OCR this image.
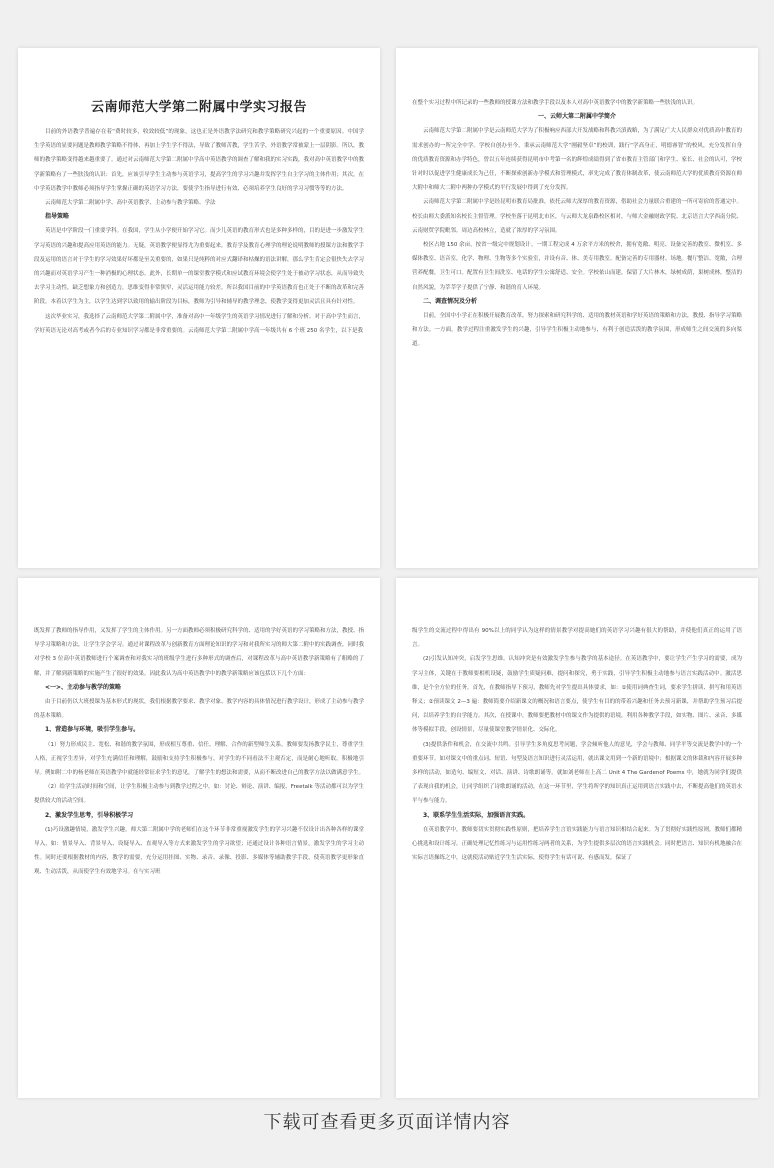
云南师范大学第二附属中学实习报告

目前的外语教学普遍存在着“费时较多，收效较低”的现象，这也正是外语教学法研究和教学策略研究兴起的一个重要原因。中国学生学英语的显要问题是教师教学策略不得体，再加上学生学不得法，导致了教师苦教，学生苦学，外语教学常被蒙上一层阴影。所以，教师的教学策略变得越来越重要了。通过对云南师范大学第二附属中学高中英语教学的调查了解和我的实习实践，我对高中英语教学中的教学新策略有了一些肤浅的认识：首先，应该引导学生主动参与英语学习，提高学生的学习兴趣并发挥学生自主学习的主体作用；其次，在中学英语教学中教师必须指导学生掌握正确的英语学习方法，要使学生指导进行有效、必须培养学生良好的学习习惯等等的方法。

云南师范大学第二附属中学、高中英语教学、主动参与教学策略、学法

指导策略

英语是中学阶段一门重要学科。在我国，学生从小学便开始学习它。而少儿英语的教育形式也是多种多样的，目的是进一步激发学生学习英语的兴趣和提高应用英语的能力。无疑，英语教学便显得尤为重要起来，教育学及教育心理学的理论说明教师的授课方法和教学手段及运用的语言对于学生的学习效果好坏都是至关重要的，如果只是纯粹的对应式翻译和枯燥的语法讲解，那么学生肯定会很快失去学习的兴趣而对英语学习产生一种消极的心理状态。此外，长期单一的课堂教学模式和应试教育环境会使学生处于被动学习状态，从而导致失去学习主动性，缺乏想象力和创造力，思维变得非常狭窄，灵活运用能力较差。所以我国目前的中学英语教育也正处于不断的改革和完善阶段。本着以学生为主，以学生达到学以致用的输出阶段为目标，教师为引导和辅导的教学理念，使教学变得更加灵活且具有针对性。

这次毕业实习，我选择了云南师范大学第二附属中学，准备对高中一年级学生的英语学习情况进行了解和分析。对于高中学生而言，学好英语无论对高考或者今后的专业知识学习都是非常重要的。云南师范大学第二附属中学高一年级共有 6 个班 250 名学生，以下是我

在整个实习过程中所记录的一些教师的授课方法和教学手段以及本人对高中英语教学中的教学新策略一些肤浅的认识。

一、云师大第二附属中学简介

云南师范大学第二附属中学是云南师范大学为了积极响应西部大开发战略和科教兴滇战略，为了满足广大人民群众对优质高中教育的需求创办的一所完全中学。学校自创办至今，秉承云南师范大学“刚毅坚卓”的校训，践行“学高身正，明德睿智”的校风，充分发挥自身的优质教育资源和办学特色，曾以五年连续获得昆明市中考第一名的辉煌成绩得到了省市教育主管部门和学生、家长、社会的认可，学校针对时以促进学生健康成长为己任，不断探索创新办学模式和管理模式，率先完成了教育体制改革，使云南师范大学的优质教育资源在师大附中和师大二附中两种办学模式的平行发展中得到了充分发挥。

云南师范大学第二附属中学是经昆明市教育局批准，依托云师大深厚的教育资源，借助社会力量联合重建的一所可寄宿的普通完中。校长由师大委派知名校长主督管理。学校坐落于昆明北市区，与云师大龙泉路校区相对，与师大金融财政学院、北京语言大学西南分院、云南财贸学院毗邻。周边高校林立，造就了浓厚的学习氛围。

校区占地 150 余亩，按省一级完中规划设计。一期工程完成 4 万余平方米的校舍，拥有宽敞、明亮、设备完善的教室、微机室、多媒体教室、语音室，化学、物理、生物等多个实验室，并设有音、体、美专用教室。配备完善的专用器材、场地。餐厅整洁、宽敞，合理营养配餐，卫生可口。配置有卫生间洗室、电话的学生公寓舒适、安全。学校依山而建，保留了大片林木，绿树成荫，果树成林，整洁的自然风貌，为莘莘学子提供了宁静、和谐的育人环境。

二、调查情况及分析

目前，全国中小学正在积极开展教育改革，努力探索和研究科学的、适用的教材英语和学好英语的策略和方法，教授、指导学习策略和方法。一方面，教学过程注重激发学生的兴趣，引导学生积极主动地参与，有利于创造活泼的教学氛围，形成师生之间交流的多向渠道。

既发挥了教师的指导作用，又发挥了学生的主体作用。另一方面教师必须积极研究科学的、适用的学好英语的学习策略和方法，教授、指导学习策略和方法，让学生学会学习。通过对课程改革与创新教育方面理论知识的学习和对我所实习的师大第二附中的实践调查，同时我对学校 3 位高中英语教师进行个案调查和对我实习的班级学生进行多种形式的调查后，对课程改革与高中英语教学新策略有了粗略的了解，并了解到新策略的实施产生了很好的效果。因此我认为高中英语教学中的教学新策略应该包括以下几个方面：

<一>、主动参与教学的策略

由于目前仍以大班授课为基本形式的现状，我们根据教学要求、教学对象、教学内容的具体情况进行教学设计，形成了主动参与教学的基本策略。

1、营造参与环境，吸引学生参与。

（1）努力形成民主、宽松、和谐的教学氛围，形成相互尊重、信任、理解、合作的新型师生关系。教师要发扬教学民主，尊重学生人格，正视学生差异，对学生充满信任和理解，鼓励和支持学生积极参与，对学生的不同看法不主观否定，而是耐心地听取，积极地引导。例如附二中的杨老师在英语教学中就能经常征求学生的意见，了解学生的想法和需要，从而不断改进自己的教学方法以做满意学生。

（2）给学生活动时间和空间，让学生积极主动参与到教学过程之中。如：讨论、辩论、演讲、编报、Freetalk 等活动都可以为学生提供较大的活动空间。

2、激发学生思考，引导积极学习

(1)巧设激趣情境，激发学生兴趣。师大第二附属中学的老师们在这个环节非常重视激发学生的学习兴趣不仅设计出各种各样的课堂导入，如：情景导入、背景导入、设疑导入、直观导入等方式来激发学生的学习欲望；还通过设计各种语言情景，激发学生的学习主动性。同时还要根据教材的内容，教学的需要，充分运用挂图、实物、录音、录像、投影、多媒体等辅助教学手段，使英语教学更形象直观、生动活泼，从而使学生有效地学习。在与实习班

级学生的交流过程中得出有 90%以上的同学认为这样的情景教学对提高她们的英语学习兴趣有很大的帮助，并使他们真正的运用了语言。

(2)引发认知冲突，启发学生思维。认知冲突是有效激发学生参与教学的基本途径。在英语教学中，要让学生产生学习的需要，成为学习主体，关键在于教师要相机设疑，鼓励学生质疑问难，提问和探究，勇于实践，引导学生积极主动地参与语言实践活动中。激活思维，是个全方位的任务。首先，在教师指导下预习，教师先对学生提出具体要求，如：①使用词典查生词，要求学生拼读、拼写和用英语释义；②预读课文 2—3 遍：教师简要介绍新课文的概况和语言要点，使学生有目的的带着兴趣和任务去预习新课，并帮助学生预习后提问，以培养学生的自学能力。其次，在授课中，教师要把教材中的课文作为提供的语境，利用各种教学手段，如实物、图片、录音、多媒体等模拟手段，创设情景，尽量使课堂教学情景化、交际化。

(3)提供条件和机会，在交流中共鸣。引导学生多角度思考问题，学会倾听他人的意见，学会与教师、同学平等交流是教学中的一个重要环节。如对课文中的重点词、短语、句型及语言知识进行灵活运用，就出课文用到一个新的语境中；根据课文的体裁和内容开展多种多样的活动，如造句、编短文、对话、演讲、诗歌朗诵等。就如刘老师在上高二 Unit 4 The Gardenof Poems 中，她就为同学们提供了表现自我的机会，让同学组织了诗歌朗诵的活动，在这一环节里，学生将所学的知识真正运用到语言实践中去，不断提高他们的英语水平与参与能力。

3、联系学生生活实际，加强语言实践。

在英语教学中，教师要切实贯彻实践性原则，把培养学生言语实践能力与语言知识相结合起来。为了贯彻好实践性原则，教师们都精心挑选和设计练习，正确处理记忆性练习与运用性练习两者的关系，为学生提供多层次的语言实践机会。同时把语言、知识有机地融合在实际言语操练之中，这就使活动贴近学生生活实际，使得学生有话可说、有感而发，保证了

下载可查看更多页面详情内容
